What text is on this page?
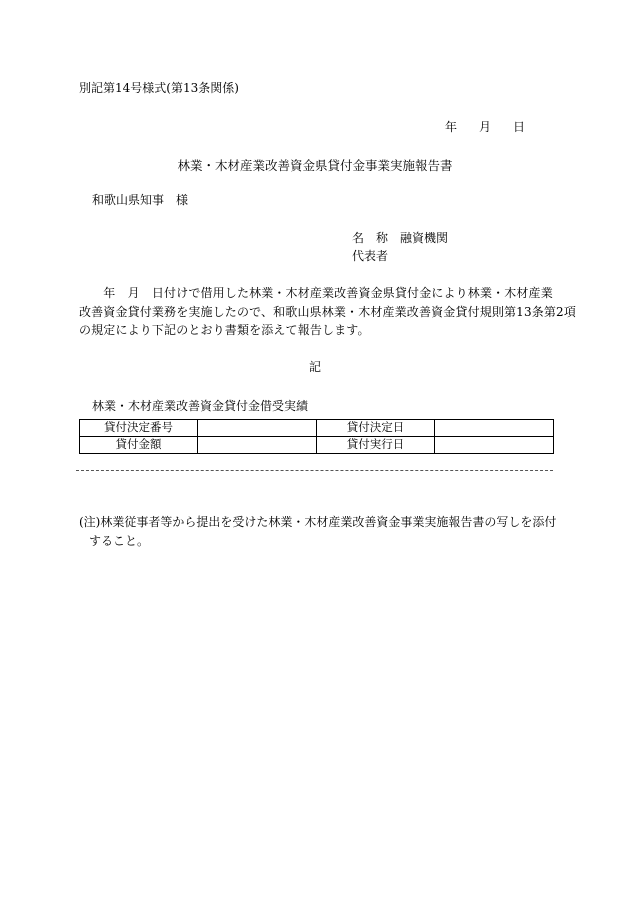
別記第14号様式(第13条関係)
年 月 日
林業・木材産業改善資金県貸付金事業実施報告書
和歌山県知事　様
名　称　融資機関
代表者
　　年　月　日付けで借用した林業・木材産業改善資金県貸付金により林業・木材産業
改善資金貸付業務を実施したので、和歌山県林業・木材産業改善資金貸付規則第13条第2項
の規定により下記のとおり書類を添えて報告します。
記
林業・木材産業改善資金貸付金借受実績
貸付決定番号		貸付決定日	
貸付金額		貸付実行日	
(注)林業従事者等から提出を受けた林業・木材産業改善資金事業実施報告書の写しを添付
すること。
